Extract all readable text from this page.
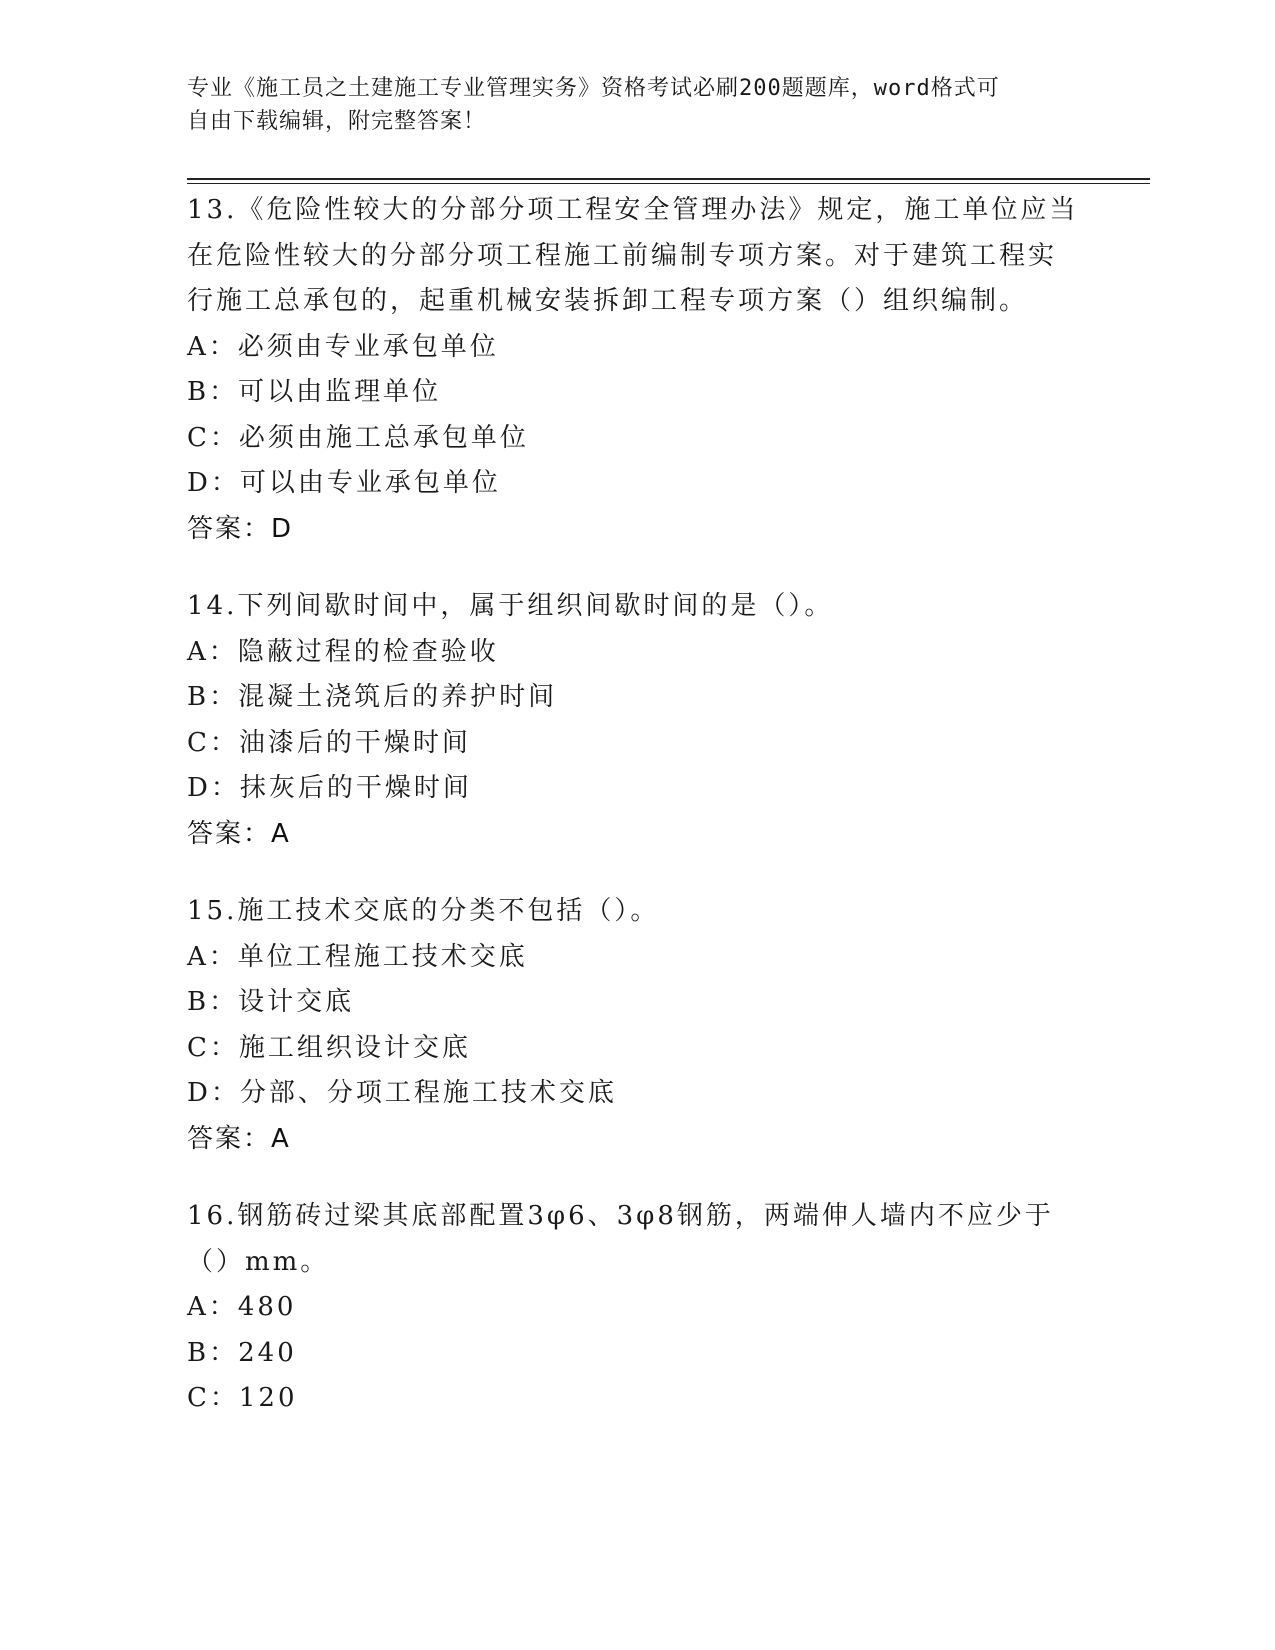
专业《施工员之土建施工专业管理实务》资格考试必刷200题题库，word格式可
自由下载编辑，附完整答案！

13.《危险性较大的分部分项工程安全管理办法》规定，施工单位应当

在危险性较大的分部分项工程施工前编制专项方案。对于建筑工程实

行施工总承包的，起重机械安装拆卸工程专项方案（）组织编制。

A：必须由专业承包单位

B：可以由监理单位

C：必须由施工总承包单位

D：可以由专业承包单位

答案：D

14.下列间歇时间中，属于组织间歇时间的是（）。

A：隐蔽过程的检查验收

B：混凝土浇筑后的养护时间

C：油漆后的干燥时间

D：抹灰后的干燥时间

答案：A

15.施工技术交底的分类不包括（）。

A：单位工程施工技术交底

B：设计交底

C：施工组织设计交底

D：分部、分项工程施工技术交底

答案：A

16.钢筋砖过梁其底部配置3φ6、3φ8钢筋，两端伸人墙内不应少于

（）mm。

A：480

B：240

C：120
